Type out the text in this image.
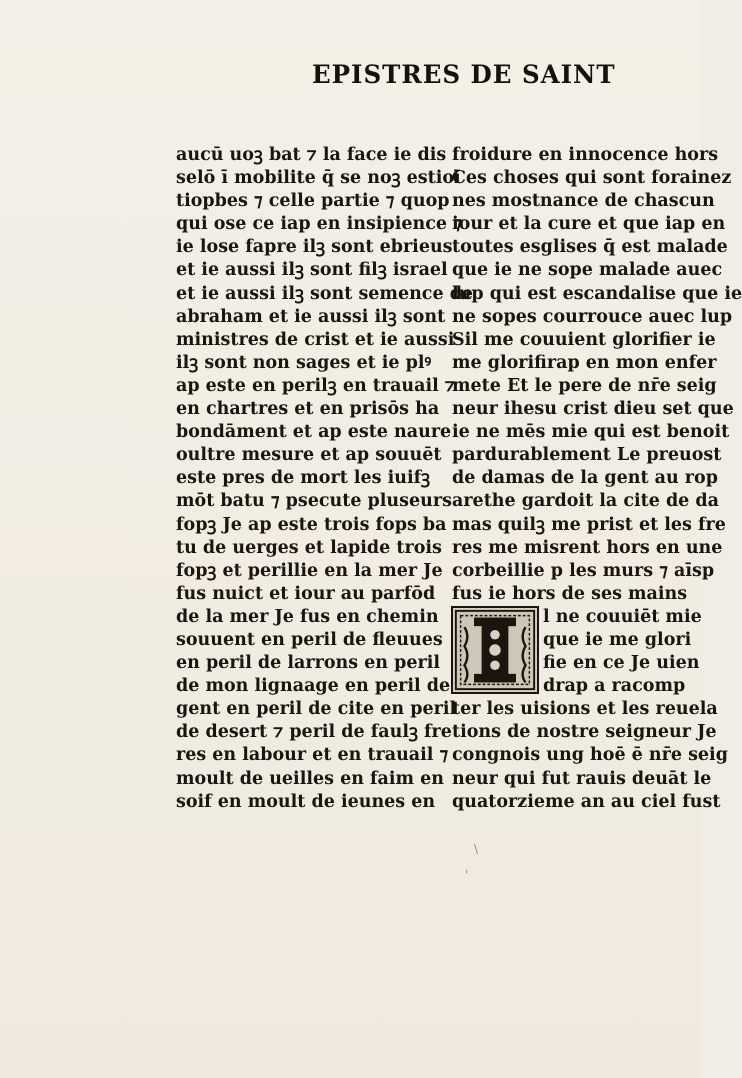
EPISTRES DE SAINT
aucū uoꝫ bat ⁊ la face ie dis
selō ī mobilite q̄ se noꝫ estioī
tiopbes ⁊ celle partie ⁊ quop
qui ose ce iap en insipience ⁊
ie lose fapre ilꝫ sont ebrieus
et ie aussi ilꝫ sont filꝫ israel
et ie aussi ilꝫ sont semence de
abraham et ie aussi ilꝫ sont
ministres de crist et ie aussi
ilꝫ sont non sages et ie plꝰ
ap este en perilꝫ en trauail ⁊
en chartres et en prisōs ha
bondāment et ap este naure
oultre mesure et ap souuēt
este pres de mort les iuifꝫ
mōt batu ⁊ psecute pluseurs
fopꝫ Je ap este trois fops ba
tu de uerges et lapide trois
fopꝫ et perillie en la mer Je
fus nuict et iour au parfōd
de la mer Je fus en chemin
souuent en peril de fleuues
en peril de larrons en peril
de mon lignaage en peril de
gent en peril de cite en peril
de desert ⁊ peril de faulꝫ fre
res en labour et en trauail ⁊
moult de ueilles en faim en
soif en moult de ieunes en
froidure en innocence hors
Ces choses qui sont forainez
nes mostnance de chascun
iour et la cure et que iap en
toutes esglises q̄ est malade
que ie ne sope malade auec
lup qui est escandalise que ie
ne sopes courrouce auec lup
Sil me couuient glorifier ie
me glorifirap en mon enfer
mete Et le pere de nr̄e seig
neur ihesu crist dieu set que
ie ne mēs mie qui est benoit
pardurablement Le preuost
de damas de la gent au rop
arethe gardoit la cite de da
mas quilꝫ me prist et les fre
res me misrent hors en une
corbeillie p les murs ⁊ aīsp
fus ie hors de ses mains
l ne couuiēt mie
que ie me glori
fie en ce Je uien
drap a racomp
ter les uisions et les reuela
tions de nostre seigneur Je
congnois ung hoē ē nr̄e seig
neur qui fut rauis deuāt le
quatorzieme an au ciel fust
\
'
